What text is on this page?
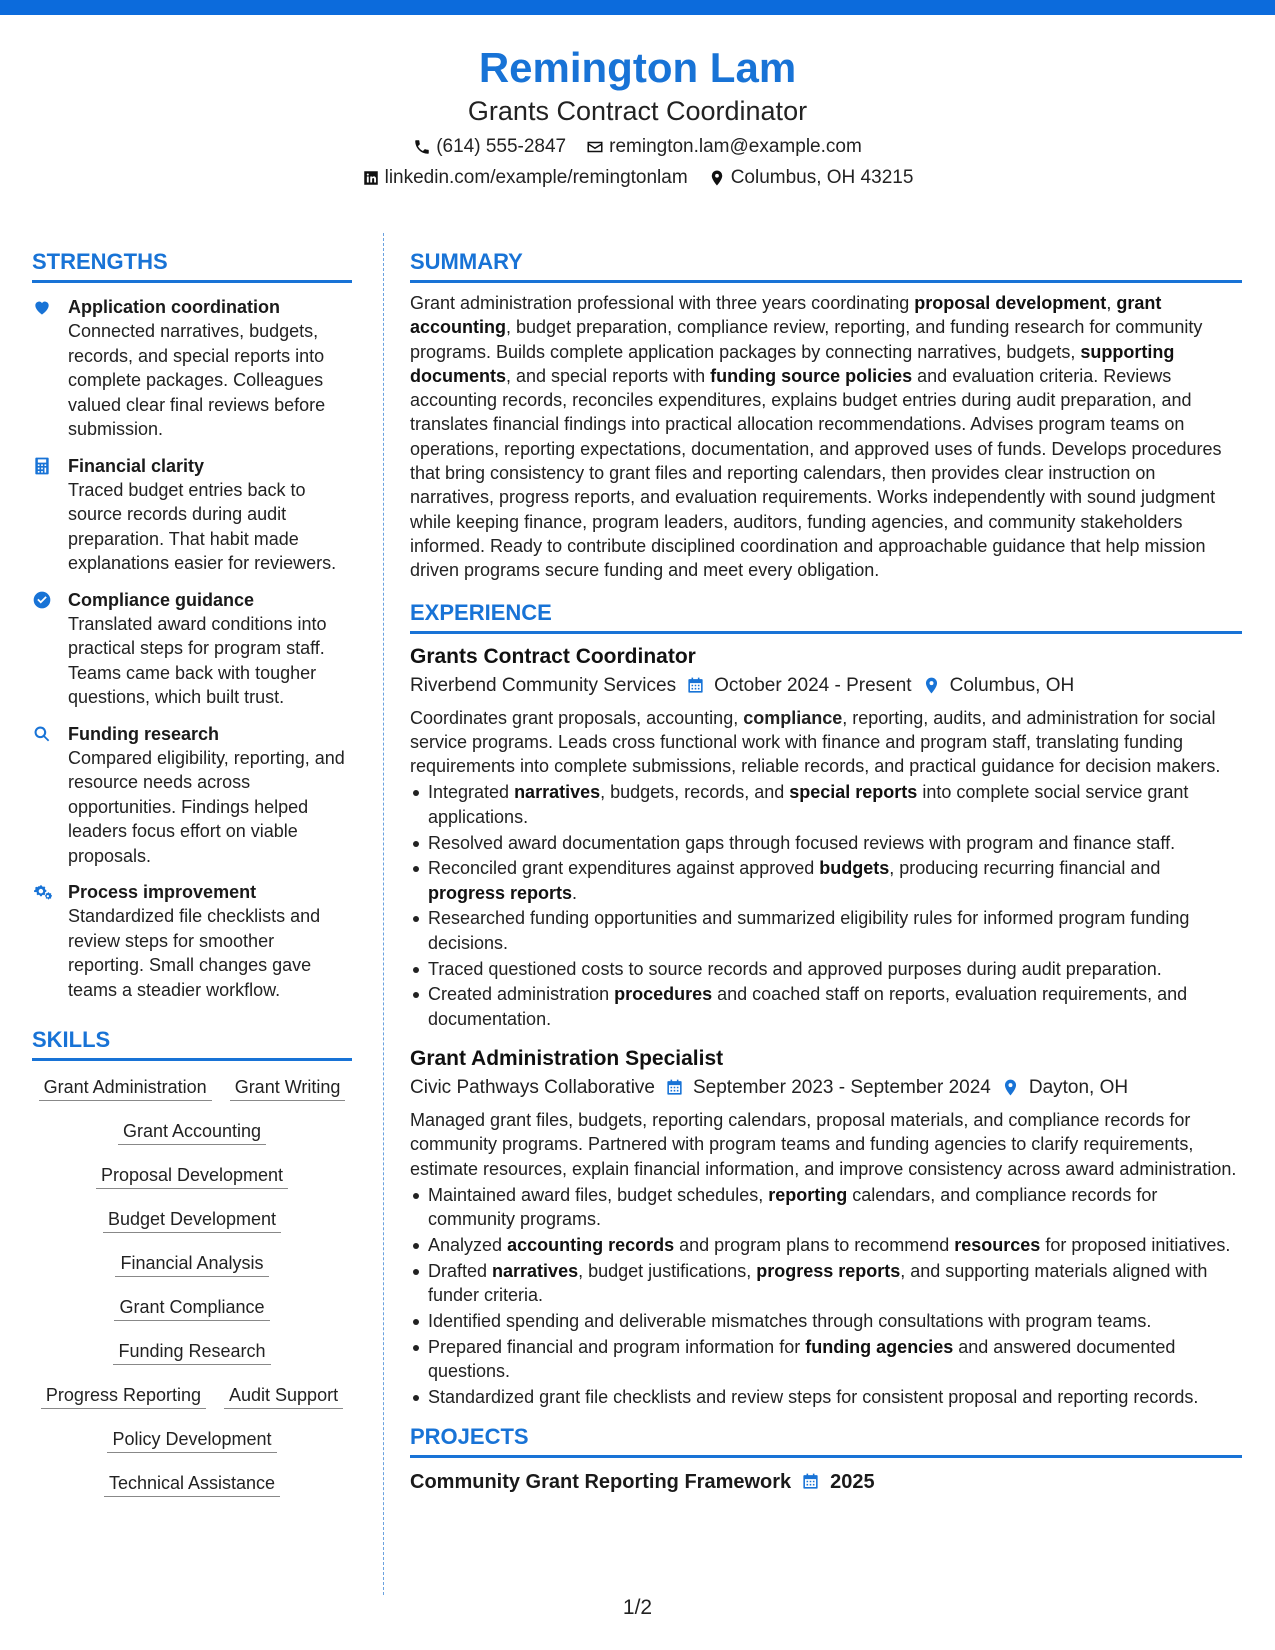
Remington Lam
Grants Contract Coordinator
(614) 555-2847 remington.lam@example.com
linkedin.com/example/remingtonlam Columbus, OH 43215
STRENGTHS
Application coordination
Connected narratives, budgets, records, and special reports into complete packages. Colleagues valued clear final reviews before submission.
Financial clarity
Traced budget entries back to source records during audit preparation. That habit made explanations easier for reviewers.
Compliance guidance
Translated award conditions into practical steps for program staff. Teams came back with tougher questions, which built trust.
Funding research
Compared eligibility, reporting, and resource needs across opportunities. Findings helped leaders focus effort on viable proposals.
Process improvement
Standardized file checklists and review steps for smoother reporting. Small changes gave teams a steadier workflow.
SKILLS
Grant Administration Grant Writing
Grant Accounting
Proposal Development
Budget Development
Financial Analysis
Grant Compliance
Funding Research
Progress Reporting Audit Support
Policy Development
Technical Assistance
SUMMARY
Grant administration professional with three years coordinating proposal development, grant accounting, budget preparation, compliance review, reporting, and funding research for community programs. Builds complete application packages by connecting narratives, budgets, supporting documents, and special reports with funding source policies and evaluation criteria. Reviews accounting records, reconciles expenditures, explains budget entries during audit preparation, and translates financial findings into practical allocation recommendations. Advises program teams on operations, reporting expectations, documentation, and approved uses of funds. Develops procedures that bring consistency to grant files and reporting calendars, then provides clear instruction on narratives, progress reports, and evaluation requirements. Works independently with sound judgment while keeping finance, program leaders, auditors, funding agencies, and community stakeholders informed. Ready to contribute disciplined coordination and approachable guidance that help mission driven programs secure funding and meet every obligation.
EXPERIENCE
Grants Contract Coordinator
Riverbend Community Services October 2024 - Present Columbus, OH
Coordinates grant proposals, accounting, compliance, reporting, audits, and administration for social service programs. Leads cross functional work with finance and program staff, translating funding requirements into complete submissions, reliable records, and practical guidance for decision makers.
Integrated narratives, budgets, records, and special reports into complete social service grant applications.
Resolved award documentation gaps through focused reviews with program and finance staff.
Reconciled grant expenditures against approved budgets, producing recurring financial and progress reports.
Researched funding opportunities and summarized eligibility rules for informed program funding decisions.
Traced questioned costs to source records and approved purposes during audit preparation.
Created administration procedures and coached staff on reports, evaluation requirements, and documentation.
Grant Administration Specialist
Civic Pathways Collaborative September 2023 - September 2024 Dayton, OH
Managed grant files, budgets, reporting calendars, proposal materials, and compliance records for community programs. Partnered with program teams and funding agencies to clarify requirements, estimate resources, explain financial information, and improve consistency across award administration.
Maintained award files, budget schedules, reporting calendars, and compliance records for community programs.
Analyzed accounting records and program plans to recommend resources for proposed initiatives.
Drafted narratives, budget justifications, progress reports, and supporting materials aligned with funder criteria.
Identified spending and deliverable mismatches through consultations with program teams.
Prepared financial and program information for funding agencies and answered documented questions.
Standardized grant file checklists and review steps for consistent proposal and reporting records.
PROJECTS
Community Grant Reporting Framework 2025
1/2
